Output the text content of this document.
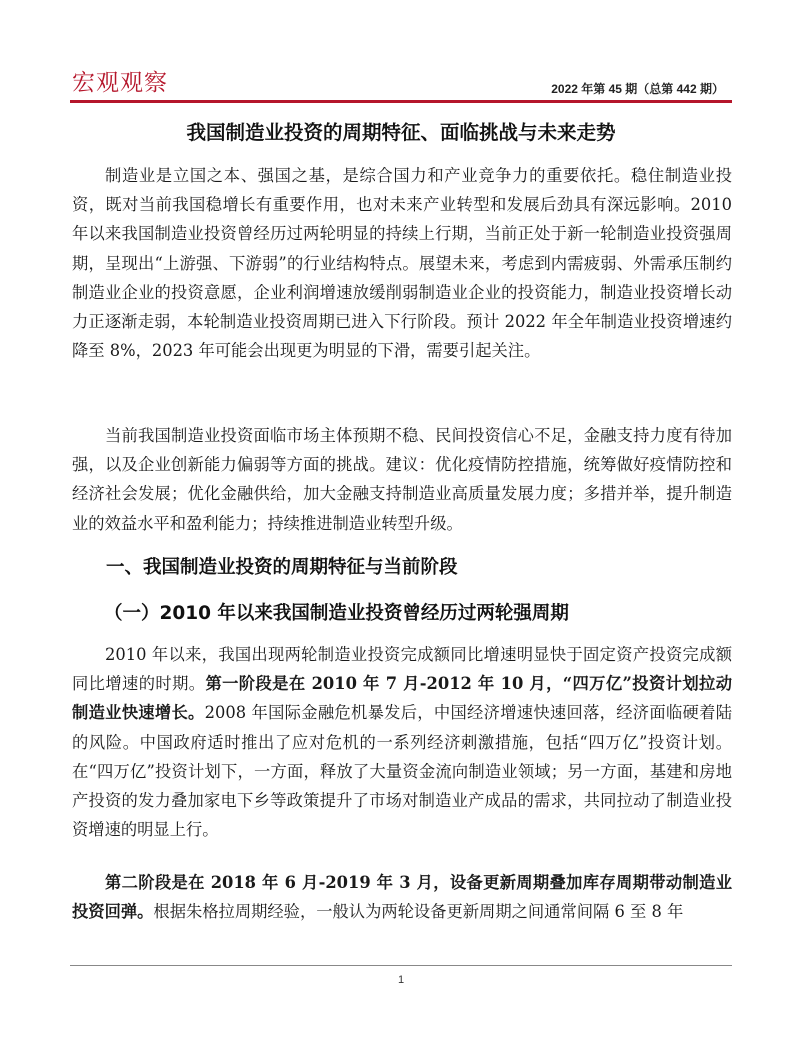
宏观观察	2022 年第 45 期（总第 442 期）
我国制造业投资的周期特征、面临挑战与未来走势

制造业是立国之本、强国之基，是综合国力和产业竞争力的重要依托。稳住制造业投资，既对当前我国稳增长有重要作用，也对未来产业转型和发展后劲具有深远影响。2010 年以来我国制造业投资曾经历过两轮明显的持续上行期，当前正处于新一轮制造业投资强周期，呈现出“上游强、下游弱”的行业结构特点。展望未来，考虑到内需疲弱、外需承压制约制造业企业的投资意愿，企业利润增速放缓削弱制造业企业的投资能力，制造业投资增长动力正逐渐走弱，本轮制造业投资周期已进入下行阶段。预计 2022 年全年制造业投资增速约降至 8%，2023 年可能会出现更为明显的下滑，需要引起关注。

当前我国制造业投资面临市场主体预期不稳、民间投资信心不足，金融支持力度有待加强，以及企业创新能力偏弱等方面的挑战。建议：优化疫情防控措施，统筹做好疫情防控和经济社会发展；优化金融供给，加大金融支持制造业高质量发展力度；多措并举，提升制造业的效益水平和盈利能力；持续推进制造业转型升级。

一、我国制造业投资的周期特征与当前阶段
（一）2010 年以来我国制造业投资曾经历过两轮强周期

2010 年以来，我国出现两轮制造业投资完成额同比增速明显快于固定资产投资完成额同比增速的时期。第一阶段是在 2010 年 7 月-2012 年 10 月，“四万亿”投资计划拉动制造业快速增长。2008 年国际金融危机暴发后，中国经济增速快速回落，经济面临硬着陆的风险。中国政府适时推出了应对危机的一系列经济刺激措施，包括“四万亿”投资计划。在“四万亿”投资计划下，一方面，释放了大量资金流向制造业领域；另一方面，基建和房地产投资的发力叠加家电下乡等政策提升了市场对制造业产成品的需求，共同拉动了制造业投资增速的明显上行。

第二阶段是在 2018 年 6 月-2019 年 3 月，设备更新周期叠加库存周期带动制造业投资回弹。根据朱格拉周期经验，一般认为两轮设备更新周期之间通常间隔 6 至 8 年

1
